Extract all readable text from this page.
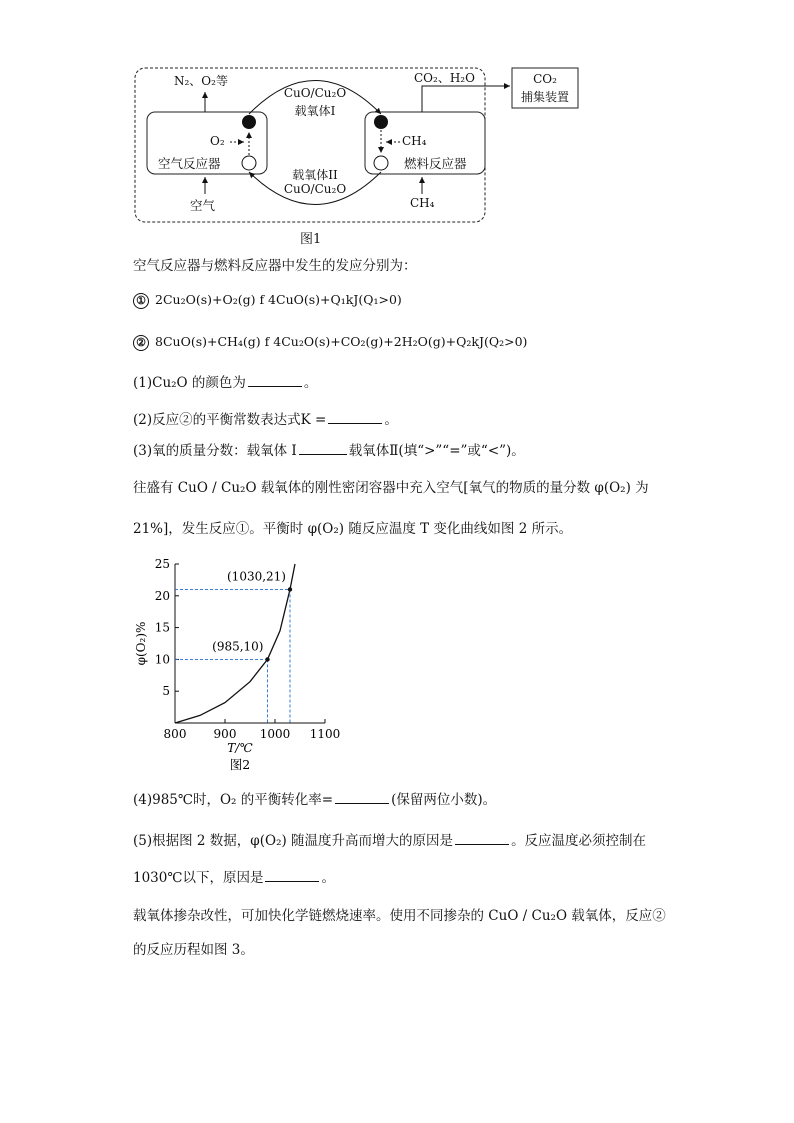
N₂、O₂等	CO₂、H₂O	CO₂
捕集装置
CuO/Cu₂O
载氧体I
载氧体II
CuO/Cu₂O
O₂
空气反应器
CH₄
燃料反应器
空气	CH₄
图1
空气反应器与燃料反应器中发生的发应分别为：
① 2Cu₂O(s)+O₂(g) f 4CuO(s)+Q₁kJ(Q₁>0)
② 8CuO(s)+CH₄(g) f 4Cu₂O(s)+CO₂(g)+2H₂O(g)+Q₂kJ(Q₂>0)
(1)Cu₂O 的颜色为	。
(2)反应②的平衡常数表达式K =	。
(3)氧的质量分数：载氧体 I	载氧体Ⅱ(填“>”“=”或“<”)。
往盛有 CuO / Cu₂O 载氧体的刚性密闭容器中充入空气[氧气的物质的量分数 φ(O₂) 为
21%]，发生反应①。平衡时 φ(O₂) 随反应温度 T 变化曲线如图 2 所示。
800 900 1000 1100
5
10
15
20
25
T/℃
φ(O₂)%	(985,10)
(1030,21)
图2
(4)985℃时，O₂ 的平衡转化率=	(保留两位小数)。
(5)根据图 2 数据，φ(O₂) 随温度升高而增大的原因是	。反应温度必须控制在
1030℃以下，原因是	。
载氧体掺杂改性，可加快化学链燃烧速率。使用不同掺杂的 CuO / Cu₂O 载氧体，反应②
的反应历程如图 3。
